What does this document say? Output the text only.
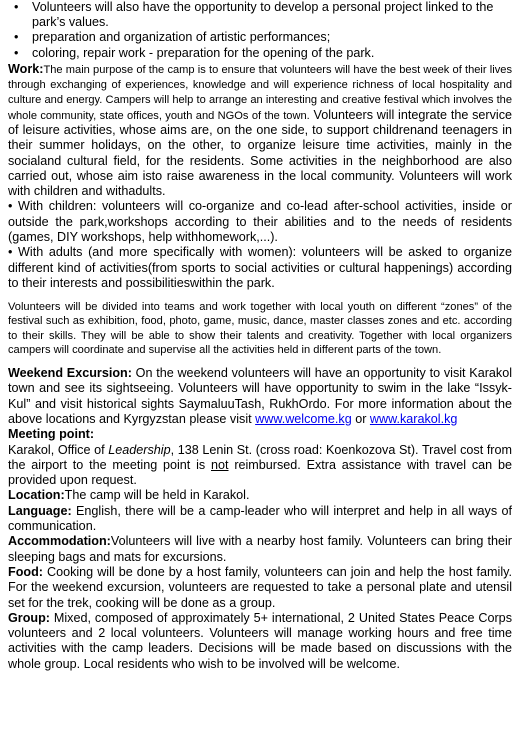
• Volunteers will also have the opportunity to develop a personal project linked to the park’s values.
• preparation and organization of artistic performances;
• coloring, repair work - preparation for the opening of the park.

Work:The main purpose of the camp is to ensure that volunteers will have the best week of their lives through exchanging of experiences, knowledge and will experience richness of local hospitality and culture and energy. Campers will help to arrange an interesting and creative festival which involves the whole community, state offices, youth and NGOs of the town. Volunteers will integrate the service of leisure activities, whose aims are, on the one side, to support childrenand teenagers in their summer holidays, on the other, to organize leisure time activities, mainly in the socialand cultural field, for the residents. Some activities in the neighborhood are also carried out, whose aim isto raise awareness in the local community. Volunteers will work with children and withadults.

• With children: volunteers will co-organize and co-lead after-school activities, inside or outside the park,workshops according to their abilities and to the needs of residents (games, DIY workshops, help withhomework,...).

• With adults (and more specifically with women): volunteers will be asked to organize different kind of activities(from sports to social activities or cultural happenings) according to their interests and possibilitieswithin the park.

Volunteers will be divided into teams and work together with local youth on different “zones” of the festival such as exhibition, food, photo, game, music, dance, master classes zones and etc. according to their skills. They will be able to show their talents and creativity. Together with local organizers campers will coordinate and supervise all the activities held in different parts of the town.

Weekend Excursion: On the weekend volunteers will have an opportunity to visit Karakol town and see its sightseeing. Volunteers will have opportunity to swim in the lake “Issyk-Kul” and visit historical sights SaymaluuTash, RukhOrdo. For more information about the above locations and Kyrgyzstan please visit www.welcome.kg or www.karakol.kg

Meeting point:

Karakol, Office of Leadership, 138 Lenin St. (cross road: Koenkozova St). Travel cost from the airport to the meeting point is not reimbursed. Extra assistance with travel can be provided upon request.

Location:The camp will be held in Karakol.

Language: English, there will be a camp-leader who will interpret and help in all ways of communication.

Accommodation:Volunteers will live with a nearby host family. Volunteers can bring their sleeping bags and mats for excursions.

Food: Cooking will be done by a host family, volunteers can join and help the host family. For the weekend excursion, volunteers are requested to take a personal plate and utensil set for the trek, cooking will be done as a group.

Group: Mixed, composed of approximately 5+ international, 2 United States Peace Corps volunteers and 2 local volunteers. Volunteers will manage working hours and free time activities with the camp leaders. Decisions will be made based on discussions with the whole group. Local residents who wish to be involved will be welcome.
